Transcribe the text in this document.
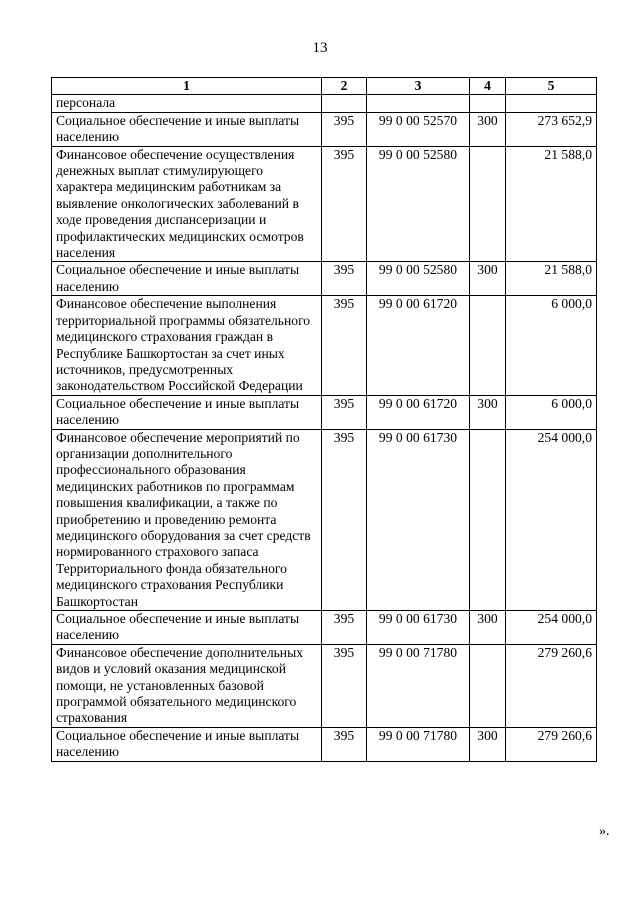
13
1	2	3	4	5
персонала				
Социальное обеспечение и иные выплаты населению	395	99 0 00 52570	300	273 652,9
Финансовое обеспечение осуществления денежных выплат стимулирующего характера медицинским работникам за выявление онкологических заболеваний в ходе проведения диспансеризации и профилактических медицинских осмотров населения	395	99 0 00 52580		21 588,0
Социальное обеспечение и иные выплаты населению	395	99 0 00 52580	300	21 588,0
Финансовое обеспечение выполнения территориальной программы обязательного медицинского страхования граждан в Республике Башкортостан за счет иных источников, предусмотренных законодательством Российской Федерации	395	99 0 00 61720		6 000,0
Социальное обеспечение и иные выплаты населению	395	99 0 00 61720	300	6 000,0
Финансовое обеспечение мероприятий по организации дополнительного профессионального образования медицинских работников по программам повышения квалификации, а также по приобретению и проведению ремонта медицинского оборудования за счет средств нормированного страхового запаса Территориального фонда обязательного медицинского страхования Республики Башкортостан	395	99 0 00 61730		254 000,0
Социальное обеспечение и иные выплаты населению	395	99 0 00 61730	300	254 000,0
Финансовое обеспечение дополнительных видов и условий оказания медицинской помощи, не установленных базовой программой обязательного медицинского страхования	395	99 0 00 71780		279 260,6
Социальное обеспечение и иные выплаты населению	395	99 0 00 71780	300	279 260,6
».
